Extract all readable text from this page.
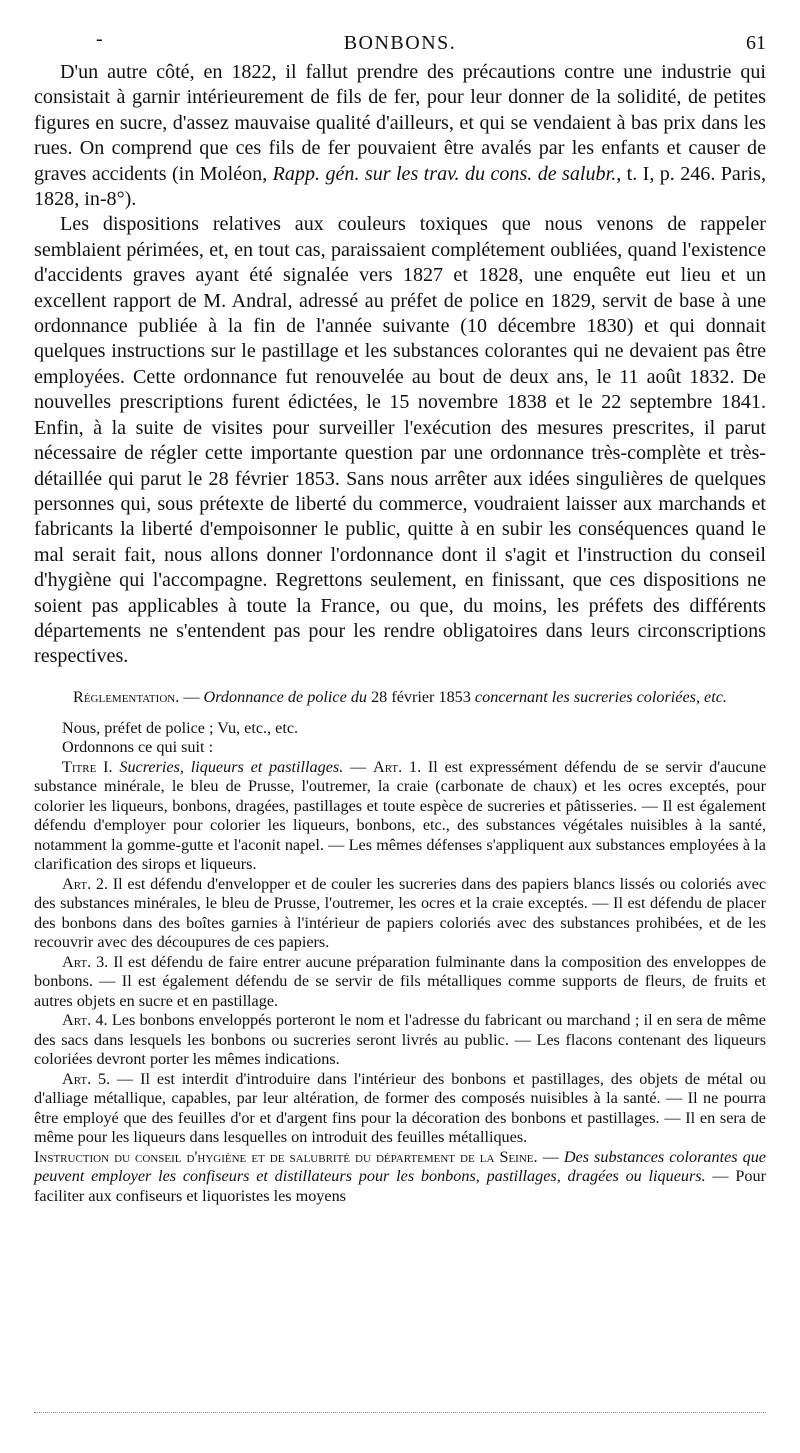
-	BONBONS.	61

D'un autre côté, en 1822, il fallut prendre des précautions contre une industrie qui consistait à garnir intérieurement de fils de fer, pour leur donner de la solidité, de petites figures en sucre, d'assez mauvaise qualité d'ailleurs, et qui se vendaient à bas prix dans les rues. On comprend que ces fils de fer pouvaient être avalés par les enfants et causer de graves accidents (in Moléon, Rapp. gén. sur les trav. du cons. de salubr., t. I, p. 246. Paris, 1828, in-8°).

Les dispositions relatives aux couleurs toxiques que nous venons de rappeler semblaient périmées, et, en tout cas, paraissaient complétement oubliées, quand l'existence d'accidents graves ayant été signalée vers 1827 et 1828, une enquête eut lieu et un excellent rapport de M. Andral, adressé au préfet de police en 1829, servit de base à une ordonnance publiée à la fin de l'année suivante (10 décembre 1830) et qui donnait quelques instructions sur le pastillage et les substances colorantes qui ne devaient pas être employées. Cette ordonnance fut renouvelée au bout de deux ans, le 11 août 1832. De nouvelles prescriptions furent édictées, le 15 novembre 1838 et le 22 septembre 1841. Enfin, à la suite de visites pour surveiller l'exécution des mesures prescrites, il parut nécessaire de régler cette importante question par une ordonnance très-complète et très-détaillée qui parut le 28 février 1853. Sans nous arrêter aux idées singulières de quelques personnes qui, sous prétexte de liberté du commerce, voudraient laisser aux marchands et fabricants la liberté d'empoisonner le public, quitte à en subir les conséquences quand le mal serait fait, nous allons donner l'ordonnance dont il s'agit et l'instruction du conseil d'hygiène qui l'accompagne. Regrettons seulement, en finissant, que ces dispositions ne soient pas applicables à toute la France, ou que, du moins, les préfets des différents départements ne s'entendent pas pour les rendre obligatoires dans leurs circonscriptions respectives.

Réglementation. — Ordonnance de police du 28 février 1853 concernant les sucreries coloriées, etc.

Nous, préfet de police ; Vu, etc., etc.

Ordonnons ce qui suit :

Titre I. Sucreries, liqueurs et pastillages. — Art. 1. Il est expressément défendu de se servir d'aucune substance minérale, le bleu de Prusse, l'outremer, la craie (carbonate de chaux) et les ocres exceptés, pour colorier les liqueurs, bonbons, dragées, pastillages et toute espèce de sucreries et pâtisseries. — Il est également défendu d'employer pour colorier les liqueurs, bonbons, etc., des substances végétales nuisibles à la santé, notamment la gomme-gutte et l'aconit napel. — Les mêmes défenses s'appliquent aux substances employées à la clarification des sirops et liqueurs.

Art. 2. Il est défendu d'envelopper et de couler les sucreries dans des papiers blancs lissés ou coloriés avec des substances minérales, le bleu de Prusse, l'outremer, les ocres et la craie exceptés. — Il est défendu de placer des bonbons dans des boîtes garnies à l'intérieur de papiers coloriés avec des substances prohibées, et de les recouvrir avec des découpures de ces papiers.

Art. 3. Il est défendu de faire entrer aucune préparation fulminante dans la composition des enveloppes de bonbons. — Il est également défendu de se servir de fils métalliques comme supports de fleurs, de fruits et autres objets en sucre et en pastillage.

Art. 4. Les bonbons enveloppés porteront le nom et l'adresse du fabricant ou marchand ; il en sera de même des sacs dans lesquels les bonbons ou sucreries seront livrés au public. — Les flacons contenant des liqueurs coloriées devront porter les mêmes indications.

Art. 5. — Il est interdit d'introduire dans l'intérieur des bonbons et pastillages, des objets de métal ou d'alliage métallique, capables, par leur altération, de former des composés nuisibles à la santé. — Il ne pourra être employé que des feuilles d'or et d'argent fins pour la décoration des bonbons et pastillages. — Il en sera de même pour les liqueurs dans lesquelles on introduit des feuilles métalliques.

Instruction du conseil d'hygiène et de salubrité du département de la Seine. — Des substances colorantes que peuvent employer les confiseurs et distillateurs pour les bonbons, pastillages, dragées ou liqueurs. — Pour faciliter aux confiseurs et liquoristes les moyens
